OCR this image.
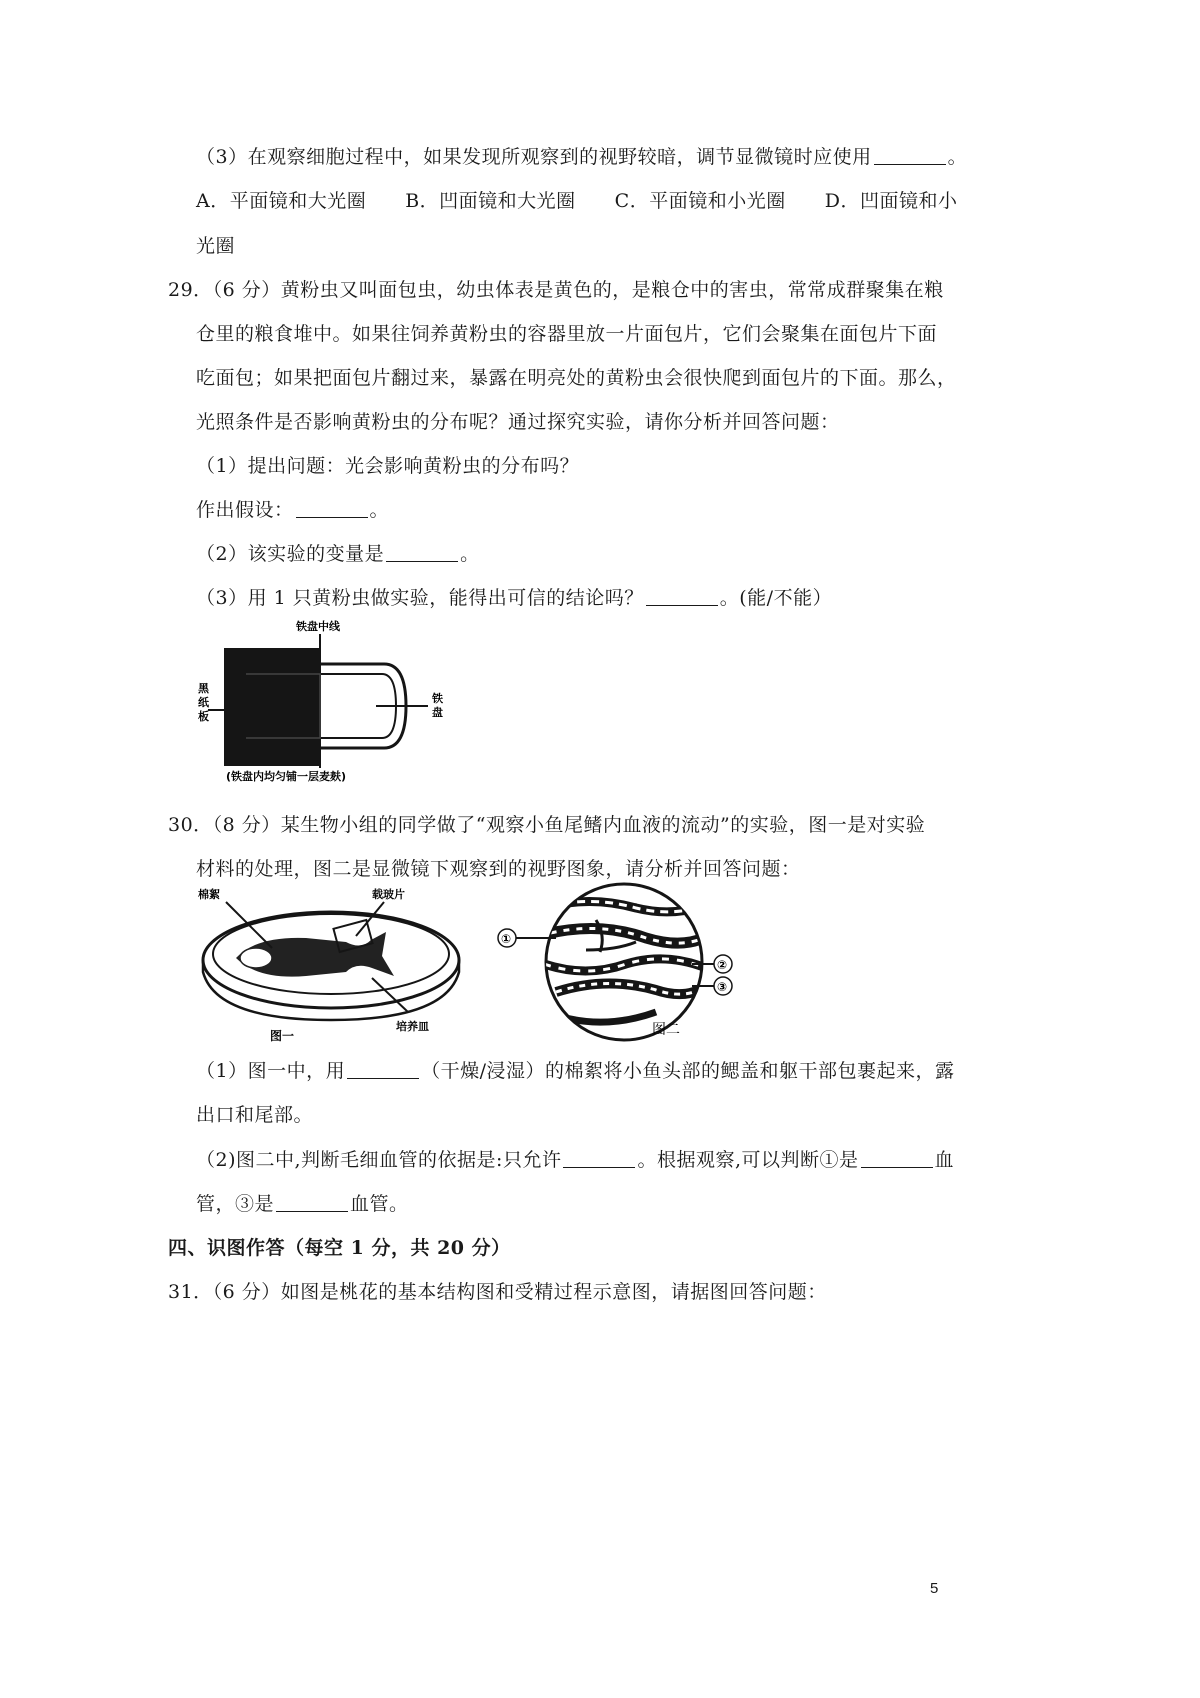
（3）在观察细胞过程中，如果发现所观察到的视野较暗，调节显微镜时应使用	。
A．平面镜和大光圈　　B．凹面镜和大光圈　　C．平面镜和小光圈　　D．凹面镜和小
光圈
29．（6 分）黄粉虫又叫面包虫，幼虫体表是黄色的，是粮仓中的害虫，常常成群聚集在粮
仓里的粮食堆中。如果往饲养黄粉虫的容器里放一片面包片，它们会聚集在面包片下面
吃面包；如果把面包片翻过来，暴露在明亮处的黄粉虫会很快爬到面包片的下面。那么，
光照条件是否影响黄粉虫的分布呢？通过探究实验，请你分析并回答问题：
（1）提出问题：光会影响黄粉虫的分布吗？
作出假设：	。
（2）该实验的变量是	。
（3）用 1 只黄粉虫做实验，能得出可信的结论吗？	。(能/不能）
铁盘中线
黑
纸
板
铁
盘
(铁盘内均匀铺一层麦麸)
30．（8 分）某生物小组的同学做了“观察小鱼尾鳍内血液的流动”的实验，图一是对实验
材料的处理，图二是显微镜下观察到的视野图象，请分析并回答问题：
棉絮	载玻片
培养皿
图一
①
②
③
图二
（1）图一中，用	（干燥/浸湿）的棉絮将小鱼头部的鳃盖和躯干部包裹起来，露
出口和尾部。
（2)图二中,判断毛细血管的依据是:只允许	。根据观察,可以判断①是	血
管，③是	血管。
四、识图作答（每空 1 分，共 20 分）
31．（6 分）如图是桃花的基本结构图和受精过程示意图，请据图回答问题：
5
